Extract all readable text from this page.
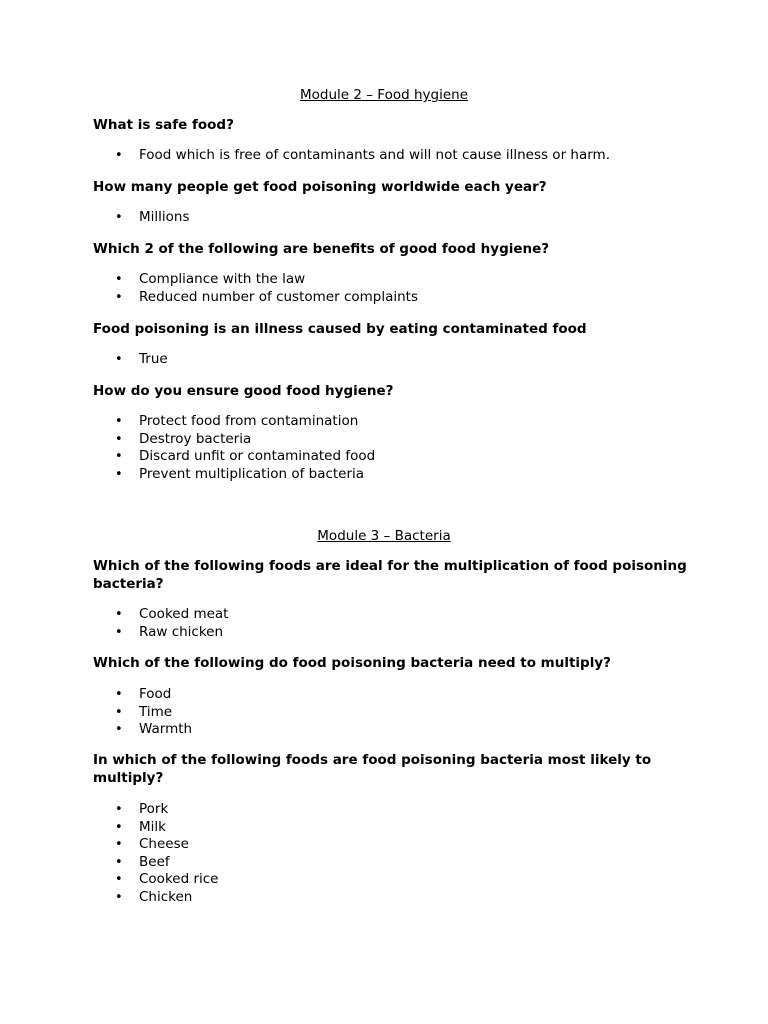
Module 2 – Food hygiene
What is safe food?
• Food which is free of contaminants and will not cause illness or harm.
How many people get food poisoning worldwide each year?
• Millions
Which 2 of the following are benefits of good food hygiene?
• Compliance with the law
• Reduced number of customer complaints
Food poisoning is an illness caused by eating contaminated food
• True
How do you ensure good food hygiene?
• Protect food from contamination
• Destroy bacteria
• Discard unfit or contaminated food
• Prevent multiplication of bacteria
Module 3 – Bacteria
Which of the following foods are ideal for the multiplication of food poisoning bacteria?
• Cooked meat
• Raw chicken
Which of the following do food poisoning bacteria need to multiply?
• Food
• Time
• Warmth
In which of the following foods are food poisoning bacteria most likely to multiply?
• Pork
• Milk
• Cheese
• Beef
• Cooked rice
• Chicken
